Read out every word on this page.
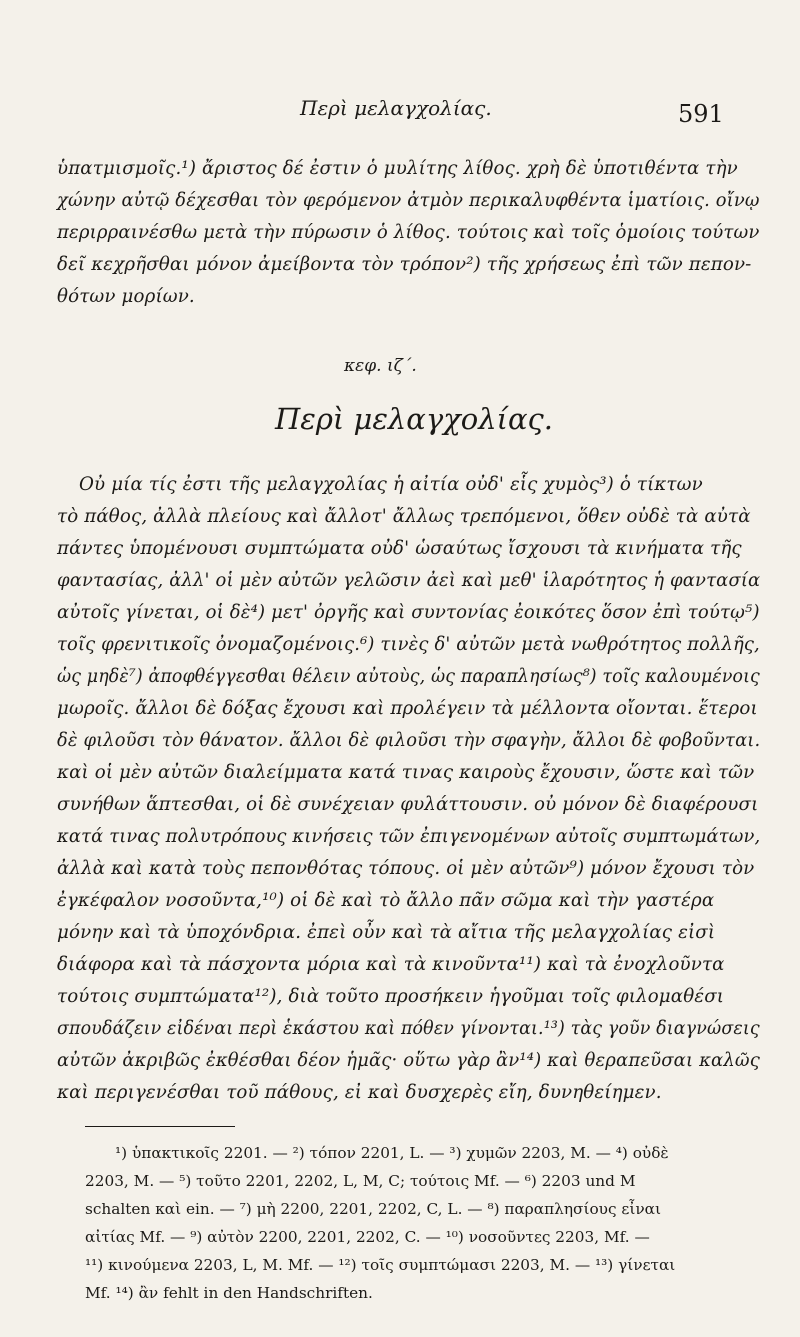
Περὶ μελαγχολίας.	591
ὑπατμισμοῖς.¹) ἄριστος δέ ἐστιν ὁ μυλίτης λίθος. χρὴ δὲ ὑποτιθέντα τὴν
χώνην αὐτῷ δέχεσθαι τὸν φερόμενον ἀτμὸν περικαλυφθέντα ἱματίοις. οἴνῳ
περιρραινέσθω μετὰ τὴν πύρωσιν ὁ λίθος. τούτοις καὶ τοῖς ὁμοίοις τούτων
δεῖ κεχρῆσθαι μόνον ἀμείβοντα τὸν τρόπον²) τῆς χρήσεως ἐπὶ τῶν πεπον-
θότων μορίων.
κεφ. ιζ΄.
Περὶ μελαγχολίας.
Οὐ μία τίς ἐστι τῆς μελαγχολίας ἡ αἰτία οὐδ' εἷς χυμὸς³) ὁ τίκτων
τὸ πάθος, ἀλλὰ πλείους καὶ ἄλλοτ' ἄλλως τρεπόμενοι, ὅθεν οὐδὲ τὰ αὐτὰ
πάντες ὑπομένουσι συμπτώματα οὐδ' ὡσαύτως ἴσχουσι τὰ κινήματα τῆς
φαντασίας, ἀλλ' οἱ μὲν αὐτῶν γελῶσιν ἀεὶ καὶ μεθ' ἱλαρότητος ἡ φαντασία
αὐτοῖς γίνεται, οἱ δὲ⁴) μετ' ὀργῆς καὶ συντονίας ἐοικότες ὅσον ἐπὶ τούτῳ⁵)
τοῖς φρενιτικοῖς ὀνομαζομένοις.⁶) τινὲς δ' αὐτῶν μετὰ νωθρότητος πολλῆς,
ὡς μηδὲ⁷) ἀποφθέγγεσθαι θέλειν αὐτοὺς, ὡς παραπλησίως⁸) τοῖς καλουμένοις
μωροῖς. ἄλλοι δὲ δόξας ἔχουσι καὶ προλέγειν τὰ μέλλοντα οἴονται. ἕτεροι
δὲ φιλοῦσι τὸν θάνατον. ἄλλοι δὲ φιλοῦσι τὴν σφαγὴν, ἄλλοι δὲ φοβοῦνται.
καὶ οἱ μὲν αὐτῶν διαλείμματα κατά τινας καιροὺς ἔχουσιν, ὥστε καὶ τῶν
συνήθων ἅπτεσθαι, οἱ δὲ συνέχειαν φυλάττουσιν. οὐ μόνον δὲ διαφέρουσι
κατά τινας πολυτρόπους κινήσεις τῶν ἐπιγενομένων αὐτοῖς συμπτωμάτων,
ἀλλὰ καὶ κατὰ τοὺς πεπονθότας τόπους. οἱ μὲν αὐτῶν⁹) μόνον ἔχουσι τὸν
ἐγκέφαλον νοσοῦντα,¹⁰) οἱ δὲ καὶ τὸ ἄλλο πᾶν σῶμα καὶ τὴν γαστέρα
μόνην καὶ τὰ ὑποχόνδρια. ἐπεὶ οὖν καὶ τὰ αἴτια τῆς μελαγχολίας εἰσὶ
διάφορα καὶ τὰ πάσχοντα μόρια καὶ τὰ κινοῦντα¹¹) καὶ τὰ ἐνοχλοῦντα
τούτοις συμπτώματα¹²), διὰ τοῦτο προσήκειν ἡγοῦμαι τοῖς φιλομαθέσι
σπουδάζειν εἰδέναι περὶ ἑκάστου καὶ πόθεν γίνονται.¹³) τὰς γοῦν διαγνώσεις
αὐτῶν ἀκριβῶς ἐκθέσθαι δέον ἡμᾶς· οὕτω γὰρ ἂν¹⁴) καὶ θεραπεῦσαι καλῶς
καὶ περιγενέσθαι τοῦ πάθους, εἰ καὶ δυσχερὲς εἴη, δυνηθείημεν.
¹) ὑπακτικοῖς 2201. — ²) τόπον 2201, L. — ³) χυμῶν 2203, M. — ⁴) οὐδὲ
2203, M. — ⁵) τοῦτο 2201, 2202, L, M, C; τούτοις Mf. — ⁶) 2203 und M
schalten καὶ ein. — ⁷) μὴ 2200, 2201, 2202, C, L. — ⁸) παραπλησίους εἶναι
αἰτίας Mf. — ⁹) αὐτὸν 2200, 2201, 2202, C. — ¹⁰) νοσοῦντες 2203, Mf. —
¹¹) κινούμενα 2203, L, M. Mf. — ¹²) τοῖς συμπτώμασι 2203, M. — ¹³) γίνεται
Mf. ¹⁴) ἂν fehlt in den Handschriften.
